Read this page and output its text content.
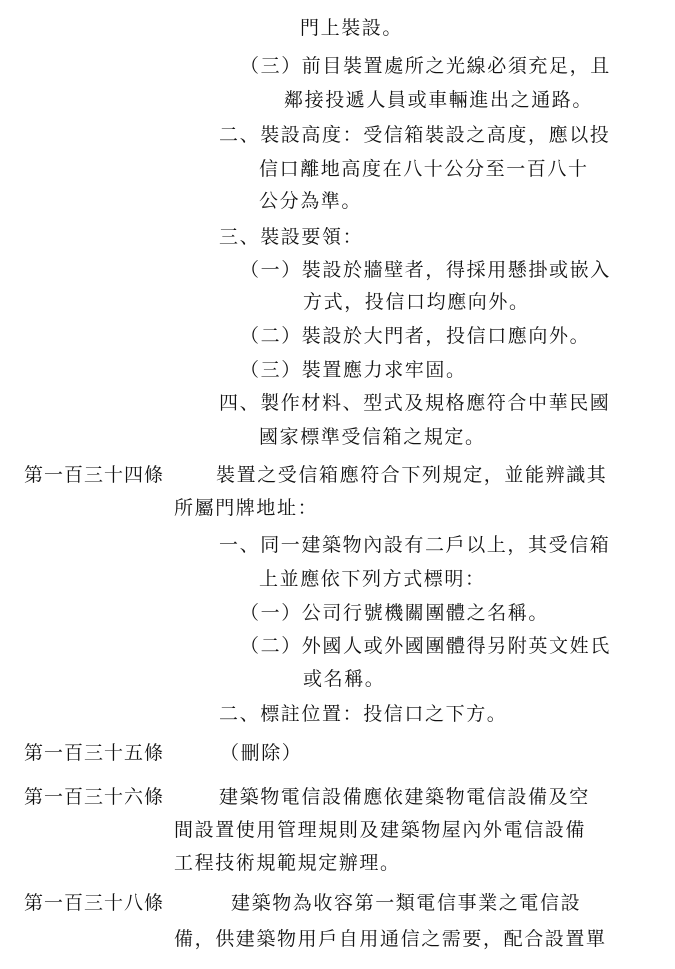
門上裝設。
（三）前目裝置處所之光線必須充足，且
鄰接投遞人員或車輛進出之通路。
二、裝設高度：受信箱裝設之高度，應以投
信口離地高度在八十公分至一百八十
公分為準。
三、裝設要領：
（一）裝設於牆壁者，得採用懸掛或嵌入
方式，投信口均應向外。
（二）裝設於大門者，投信口應向外。
（三）裝置應力求牢固。
四、製作材料、型式及規格應符合中華民國
國家標準受信箱之規定。
第一百三十四條	裝置之受信箱應符合下列規定，並能辨識其
所屬門牌地址：
一、同一建築物內設有二戶以上，其受信箱
上並應依下列方式標明：
（一）公司行號機關團體之名稱。
（二）外國人或外國團體得另附英文姓氏
或名稱。
二、標註位置：投信口之下方。
第一百三十五條	（刪除）
第一百三十六條	建築物電信設備應依建築物電信設備及空
間設置使用管理規則及建築物屋內外電信設備
工程技術規範規定辦理。
第一百三十八條	建築物為收容第一類電信事業之電信設
備，供建築物用戶自用通信之需要，配合設置單
